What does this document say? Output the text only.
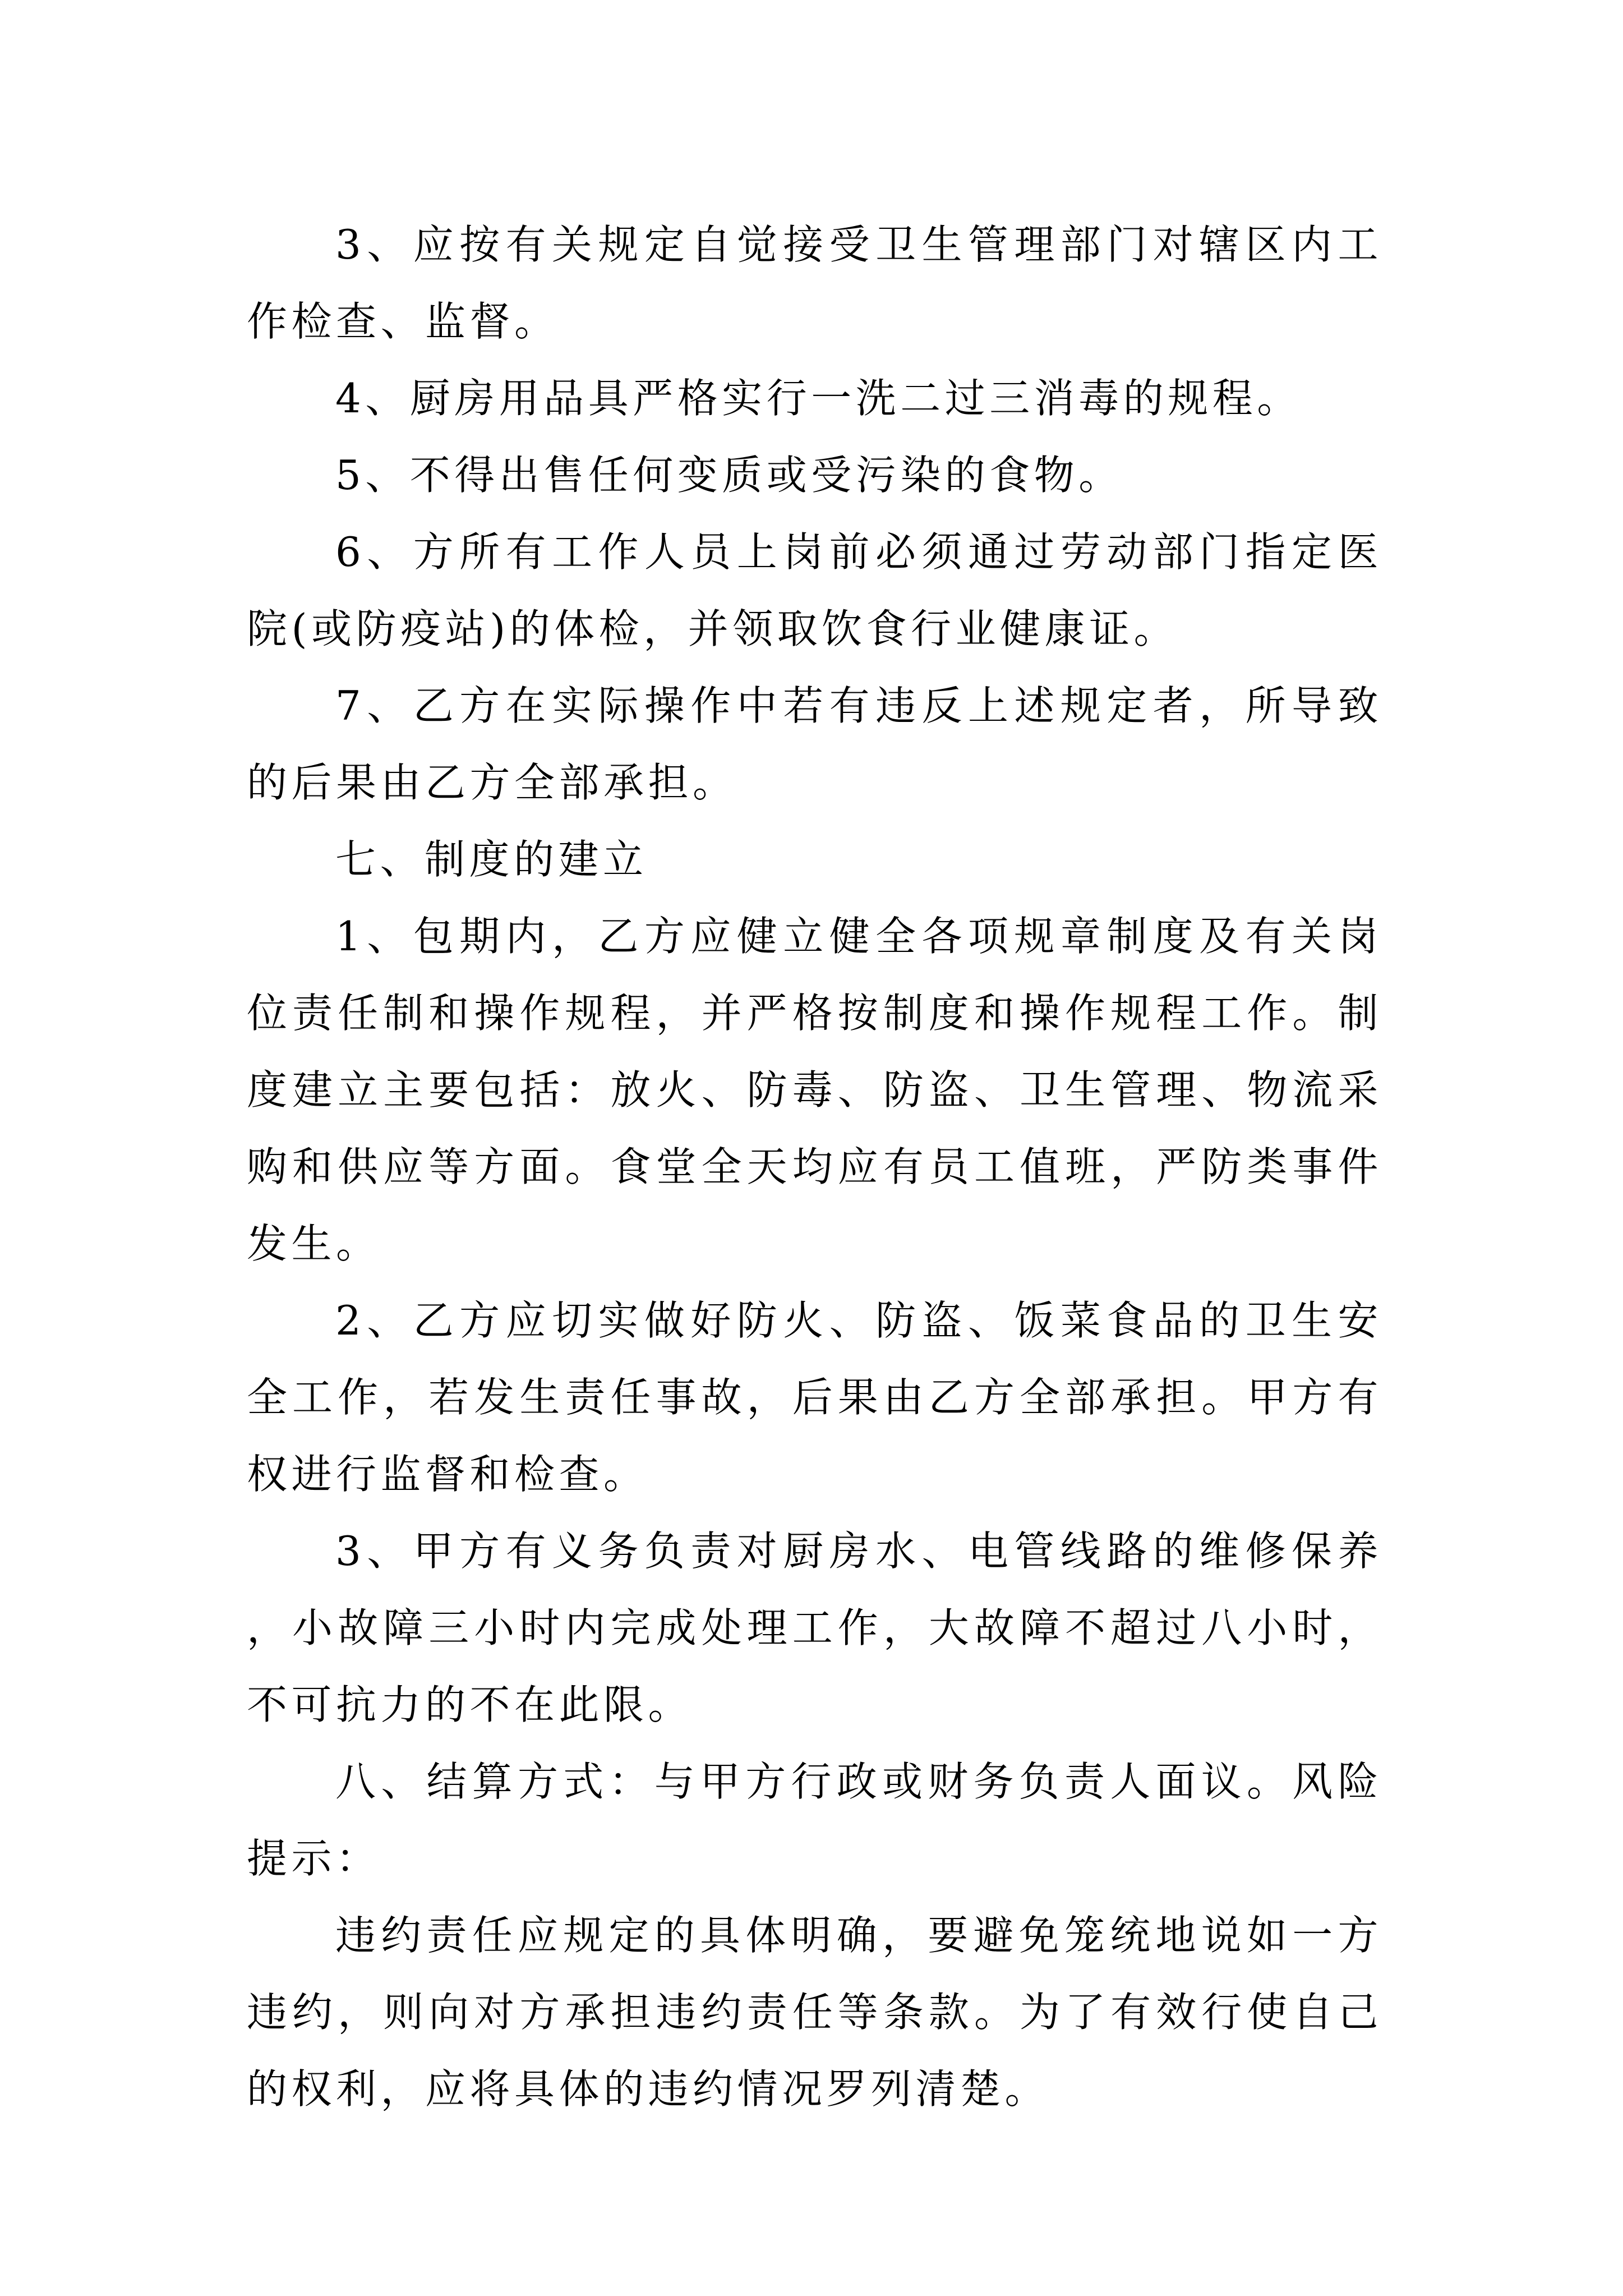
3、应按有关规定自觉接受卫生管理部门对辖区内工作检查、监督。

4、厨房用品具严格实行一洗二过三消毒的规程。

5、不得出售任何变质或受污染的食物。

6、方所有工作人员上岗前必须通过劳动部门指定医院(或防疫站)的体检，并领取饮食行业健康证。

7、乙方在实际操作中若有违反上述规定者，所导致的后果由乙方全部承担。

七、制度的建立

1、包期内，乙方应健立健全各项规章制度及有关岗位责任制和操作规程，并严格按制度和操作规程工作。制度建立主要包括：放火、防毒、防盗、卫生管理、物流采购和供应等方面。食堂全天均应有员工值班，严防类事件发生。

2、乙方应切实做好防火、防盗、饭菜食品的卫生安全工作，若发生责任事故，后果由乙方全部承担。甲方有权进行监督和检查。

3、甲方有义务负责对厨房水、电管线路的维修保养，小故障三小时内完成处理工作，大故障不超过八小时，不可抗力的不在此限。

八、结算方式：与甲方行政或财务负责人面议。风险提示：

违约责任应规定的具体明确，要避免笼统地说如一方违约，则向对方承担违约责任等条款。为了有效行使自己的权利，应将具体的违约情况罗列清楚。
